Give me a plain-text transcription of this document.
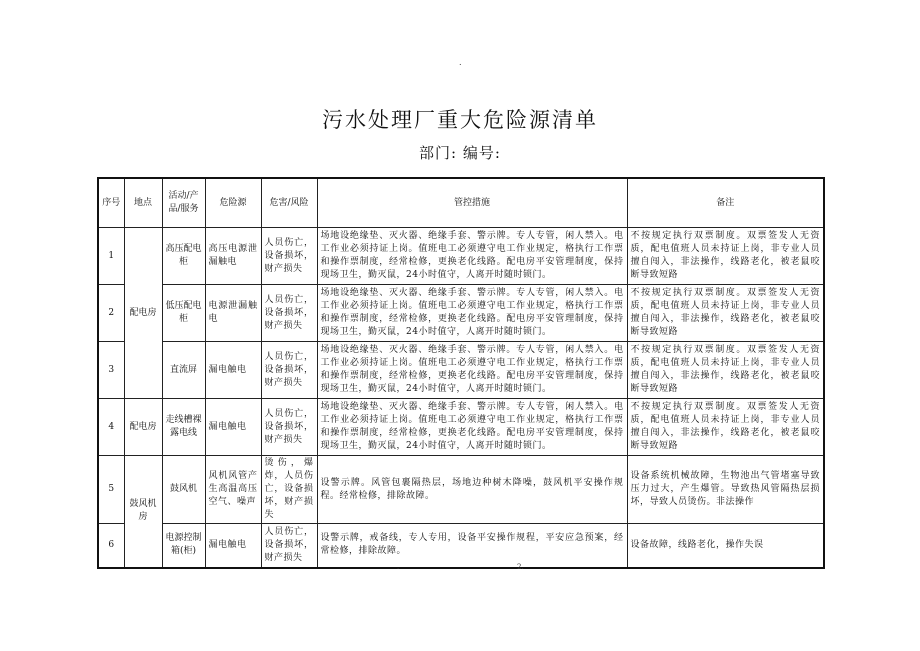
.
污水处理厂重大危险源清单
部门: 编号:
序号	地点	活动/产品/服务	危险源	危害/风险	管控措施	备注
1	配电房	高压配电柜	高压电源泄漏触电	人员伤亡，设备损坏，财产损失	场地设绝缘垫、灭火器、绝缘手套、警示牌。专人专管，闲人禁入。电工作业必须持证上岗。值班电工必须遵守电工作业规定，格执行工作票和操作票制度，经常检修，更换老化线路。配电房平安管理制度，保持现场卫生，勤灭鼠，24小时值守，人离开时随时锁门。	不按规定执行双票制度。双票签发人无资质，配电值班人员未持证上岗，非专业人员擅自闯入，非法操作，线路老化，被老鼠咬断导致短路
2		低压配电柜	电源泄漏触电	人员伤亡，设备损坏，财产损失	场地设绝缘垫、灭火器、绝缘手套、警示牌。专人专管，闲人禁入。电工作业必须持证上岗。值班电工必须遵守电工作业规定，格执行工作票和操作票制度，经常检修，更换老化线路。配电房平安管理制度，保持现场卫生，勤灭鼠，24小时值守，人离开时随时锁门。	不按规定执行双票制度。双票签发人无资质，配电值班人员未持证上岗，非专业人员擅自闯入，非法操作，线路老化，被老鼠咬断导致短路
3		直流屏	漏电触电	人员伤亡，设备损坏，财产损失	场地设绝缘垫、灭火器、绝缘手套、警示牌。专人专管，闲人禁入。电工作业必须持证上岗。值班电工必须遵守电工作业规定，格执行工作票和操作票制度，经常检修，更换老化线路。配电房平安管理制度，保持现场卫生，勤灭鼠，24小时值守，人离开时随时锁门。	不按规定执行双票制度。双票签发人无资质，配电值班人员未持证上岗，非专业人员擅自闯入，非法操作，线路老化，被老鼠咬断导致短路
4	配电房	走线槽裸露电线	漏电触电	人员伤亡，设备损坏，财产损失	场地设绝缘垫、灭火器、绝缘手套、警示牌。专人专管，闲人禁入。电工作业必须持证上岗。值班电工必须遵守电工作业规定，格执行工作票和操作票制度，经常检修，更换老化线路。配电房平安管理制度，保持现场卫生，勤灭鼠，24小时值守，人离开时随时锁门。	不按规定执行双票制度。双票签发人无资质，配电值班人员未持证上岗，非专业人员擅自闯入，非法操作，线路老化，被老鼠咬断导致短路
5	鼓风机房	鼓风机	风机风管产生高温高压空气、噪声	烫伤，爆炸，人员伤亡，设备损坏，财产损失	设警示牌。风管包裹隔热层，场地边种树木降噪，鼓风机平安操作规程。经常检修，排除故障。	设备系统机械故障，生物池出气管堵塞导致压力过大，产生爆管。导致热风管隔热层损坏，导致人员烫伤。非法操作
6		电源控制箱(柜)	漏电触电	人员伤亡，设备损坏，财产损失	设警示牌，戒备线，专人专用，设备平安操作规程，平安应急预案，经常检修，排除故障。	设备故障，线路老化，操作失误
.	2.
